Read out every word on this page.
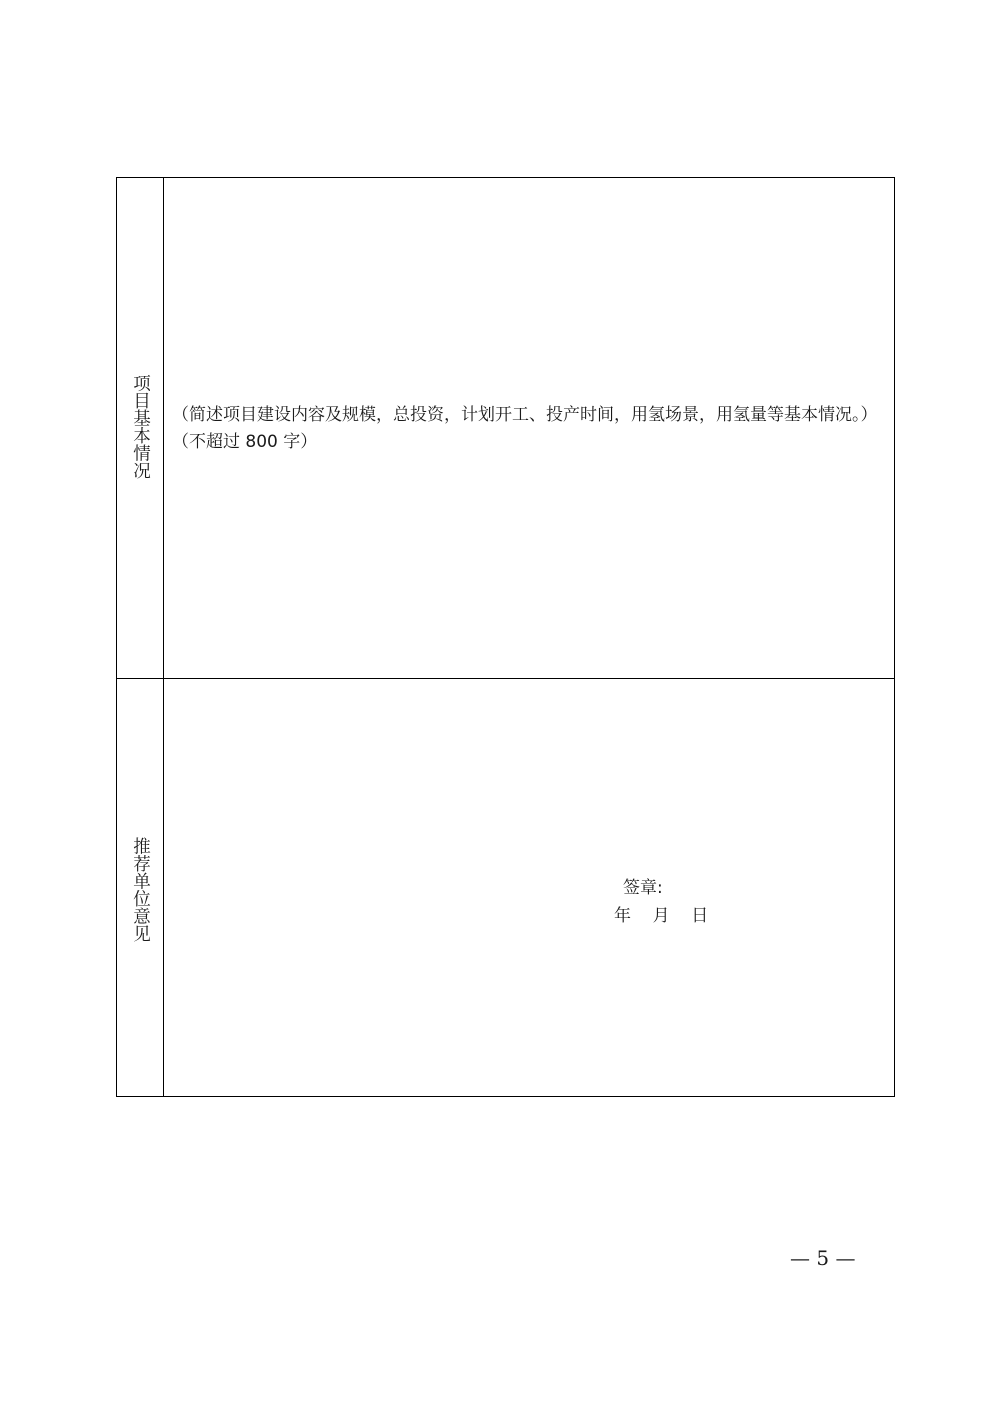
项目基本情况	（简述项目建设内容及规模，总投资，计划开工、投产时间，用氢场景，用氢量等基本情况。）（不超过 800 字）

推荐单位意见	签章:
年    月    日
— 5 —
